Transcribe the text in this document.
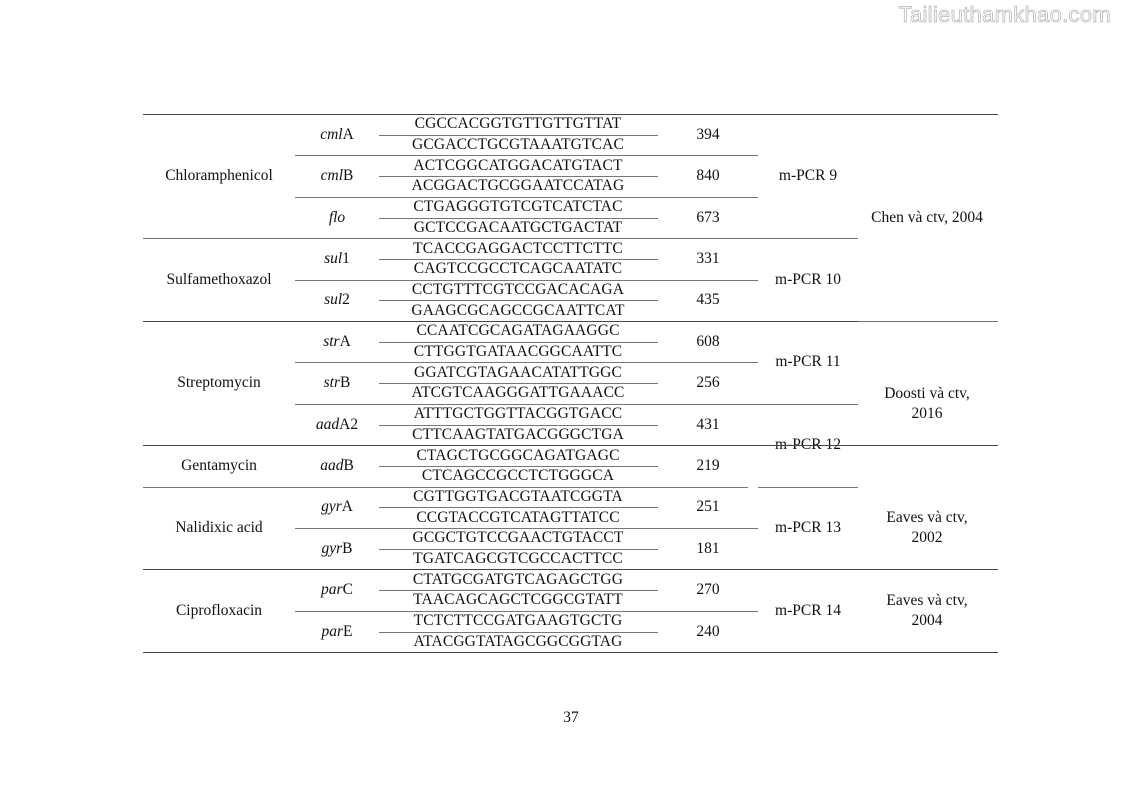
Tailieuthamkhao.com
Chloramphenicol
Sulfamethoxazol
Streptomycin
Gentamycin
Nalidixic acid
Ciprofloxacin
cmlA
CGCCACGGTGTTGTTGTTAT
GCGACCTGCGTAAATGTCAC
394
cmlB
ACTCGGCATGGACATGTACT
ACGGACTGCGGAATCCATAG
840
flo
CTGAGGGTGTCGTCATCTAC
GCTCCGACAATGCTGACTAT
673
sul1
TCACCGAGGACTCCTTCTTC
CAGTCCGCCTCAGCAATATC
331
sul2
CCTGTTTCGTCCGACACAGA
GAAGCGCAGCCGCAATTCAT
435
strA
CCAATCGCAGATAGAAGGC
CTTGGTGATAACGGCAATTC
608
strB
GGATCGTAGAACATATTGGC
ATCGTCAAGGGATTGAAACC
256
aadA2
ATTTGCTGGTTACGGTGACC
CTTCAAGTATGACGGGCTGA
431
aadB
CTAGCTGCGGCAGATGAGC
CTCAGCCGCCTCTGGGCA
219
gyrA
CGTTGGTGACGTAATCGGTA
CCGTACCGTCATAGTTATCC
251
gyrB
GCGCTGTCCGAACTGTACCT
TGATCAGCGTCGCCACTTCC
181
parC
CTATGCGATGTCAGAGCTGG
TAACAGCAGCTCGGCGTATT
270
parE
TCTCTTCCGATGAAGTGCTG
ATACGGTATAGCGGCGGTAG
240
m-PCR 9
m-PCR 10
m-PCR 11
m-PCR 12
m-PCR 13
m-PCR 14
Chen và ctv, 2004
Doosti và ctv,
2016
Eaves và ctv,
2002
Eaves và ctv,
2004
37
